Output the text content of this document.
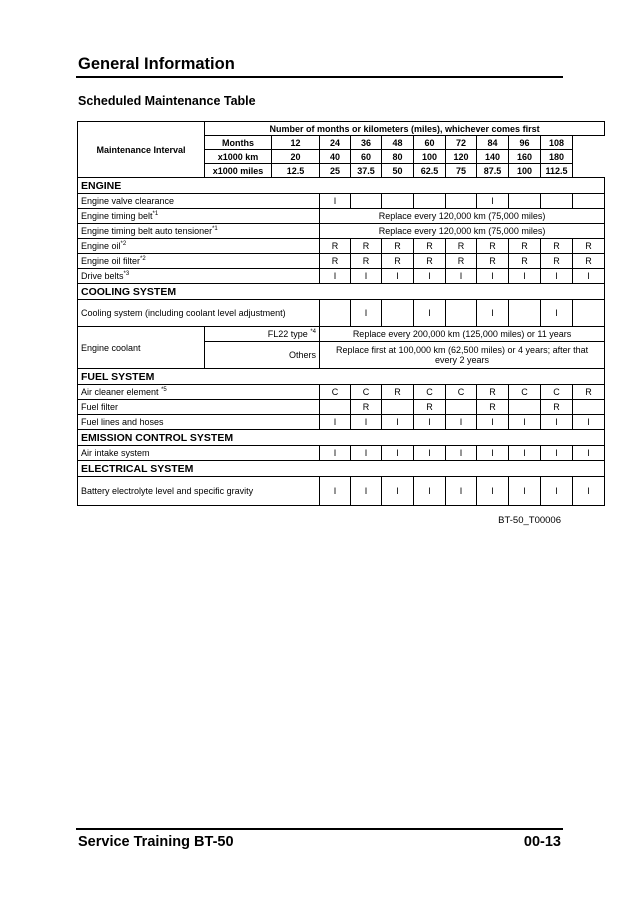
General Information
Scheduled Maintenance Table
Maintenance Interval	Number of months or kilometers (miles), whichever comes first										
	Months	12	24	36	48	60	72	84	96	108	
	x1000 km	20	40	60	80	100	120	140	160	180	
	x1000 miles	12.5	25	37.5	50	62.5	75	87.5	100	112.5	
ENGINE											
Engine valve clearance			I					I			
Engine timing belt$^{*1}$			Replace every 120,000 km (75,000 miles)								
Engine timing belt auto tensioner$^{*1}$			Replace every 120,000 km (75,000 miles)								
Engine oil$^{*2}$			R	R	R	R	R	R	R	R	R
Engine oil filter$^{*2}$			R	R	R	R	R	R	R	R	R
Drive belts$^{*3}$			I	I	I	I	I	I	I	I	I
COOLING SYSTEM											
Cooling system (including coolant level adjustment)				I		I		I		I	
Engine coolant	FL22 type $^{*4}$		Replace every 200,000 km (125,000 miles) or 11 years								
	Others		Replace first at 100,000 km (62,500 miles) or 4 years; after that every 2 years								
FUEL SYSTEM											
Air cleaner element $^{*5}$			C	C	R	C	C	R	C	C	R
Fuel filter				R		R		R		R	
Fuel lines and hoses			I	I	I	I	I	I	I	I	I
EMISSION CONTROL SYSTEM											
Air intake system			I	I	I	I	I	I	I	I	I
ELECTRICAL SYSTEM											
Battery electrolyte level and specific gravity			I	I	I	I	I	I	I	I	I
BT-50_T00006
Service Training BT-50	00-13
